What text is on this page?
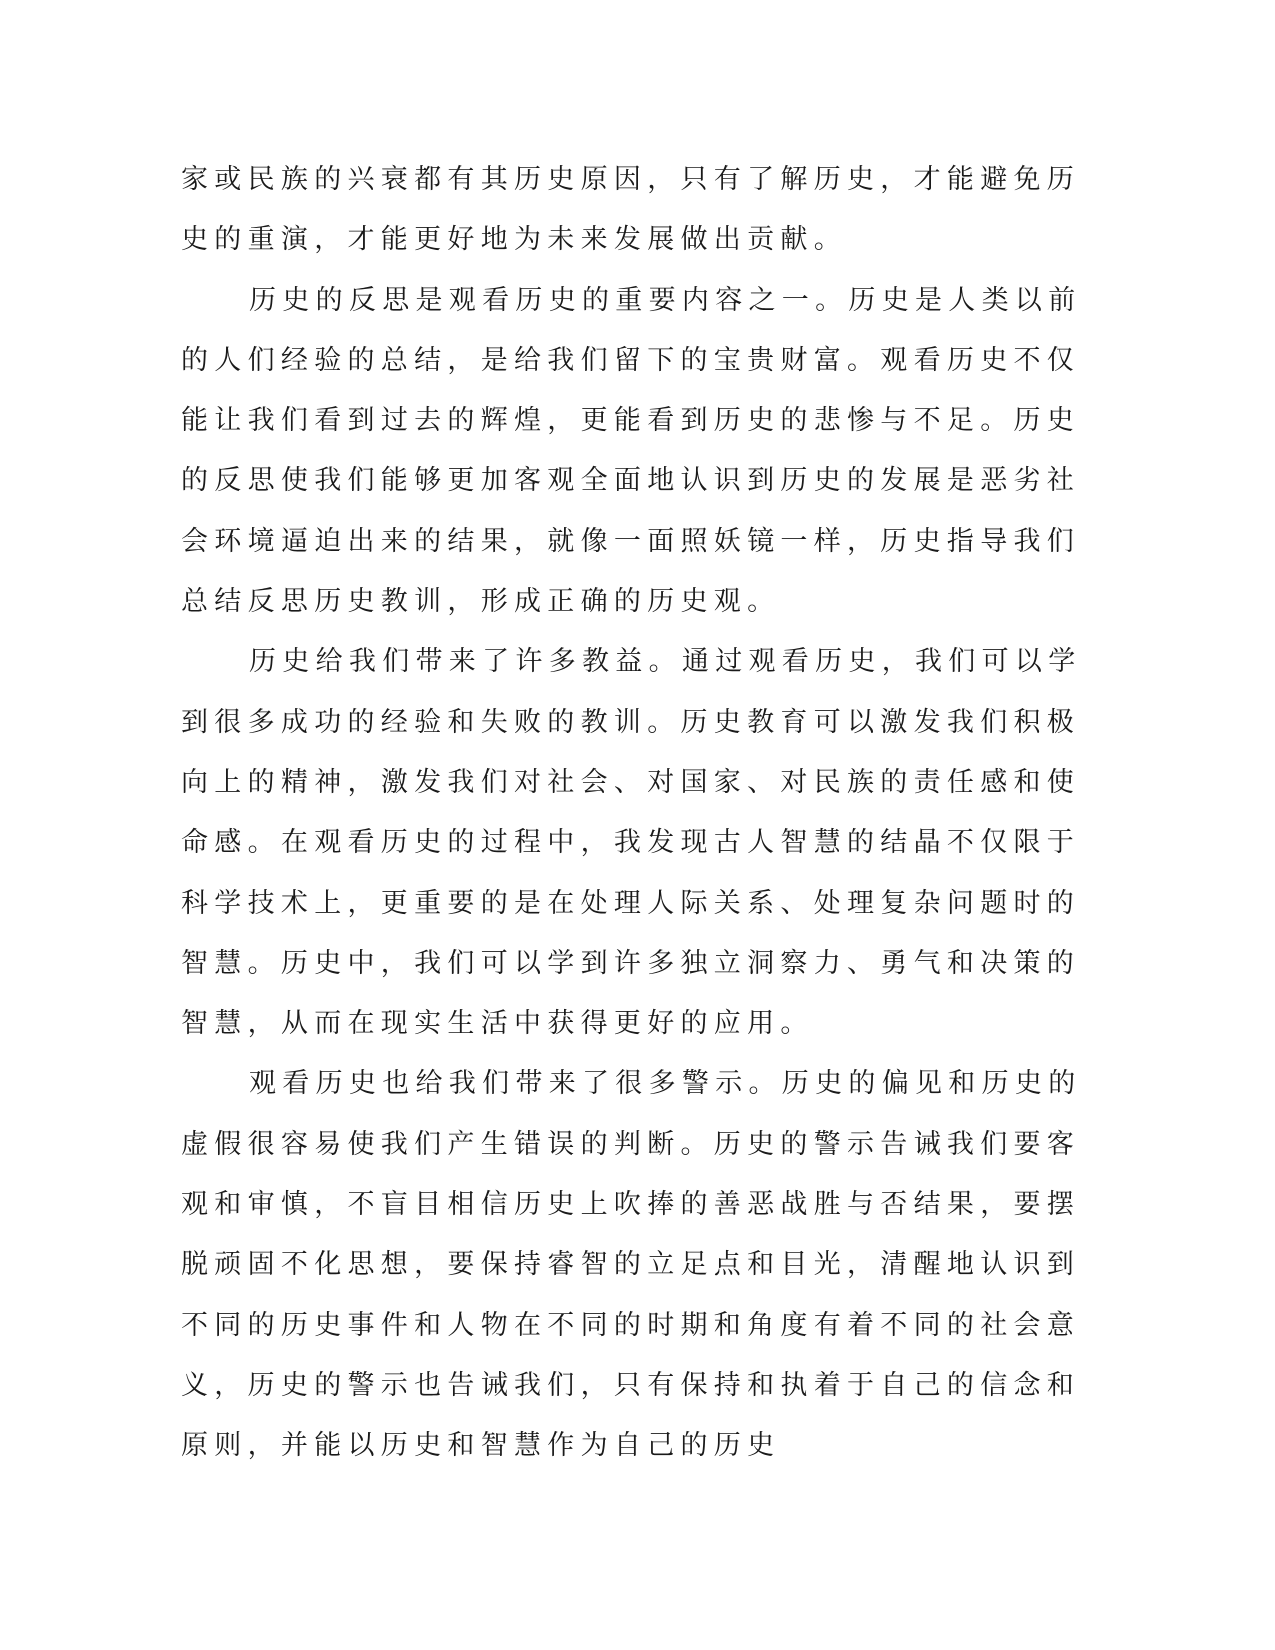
家或民族的兴衰都有其历史原因，只有了解历史，才能避免历史的重演，才能更好地为未来发展做出贡献。
历史的反思是观看历史的重要内容之一。历史是人类以前的人们经验的总结，是给我们留下的宝贵财富。观看历史不仅能让我们看到过去的辉煌，更能看到历史的悲惨与不足。历史的反思使我们能够更加客观全面地认识到历史的发展是恶劣社会环境逼迫出来的结果，就像一面照妖镜一样，历史指导我们总结反思历史教训，形成正确的历史观。
历史给我们带来了许多教益。通过观看历史，我们可以学到很多成功的经验和失败的教训。历史教育可以激发我们积极向上的精神，激发我们对社会、对国家、对民族的责任感和使命感。在观看历史的过程中，我发现古人智慧的结晶不仅限于科学技术上，更重要的是在处理人际关系、处理复杂问题时的智慧。历史中，我们可以学到许多独立洞察力、勇气和决策的智慧，从而在现实生活中获得更好的应用。
观看历史也给我们带来了很多警示。历史的偏见和历史的虚假很容易使我们产生错误的判断。历史的警示告诫我们要客观和审慎，不盲目相信历史上吹捧的善恶战胜与否结果，要摆脱顽固不化思想，要保持睿智的立足点和目光，清醒地认识到不同的历史事件和人物在不同的时期和角度有着不同的社会意义，历史的警示也告诫我们，只有保持和执着于自己的信念和原则，并能以历史和智慧作为自己的历史
